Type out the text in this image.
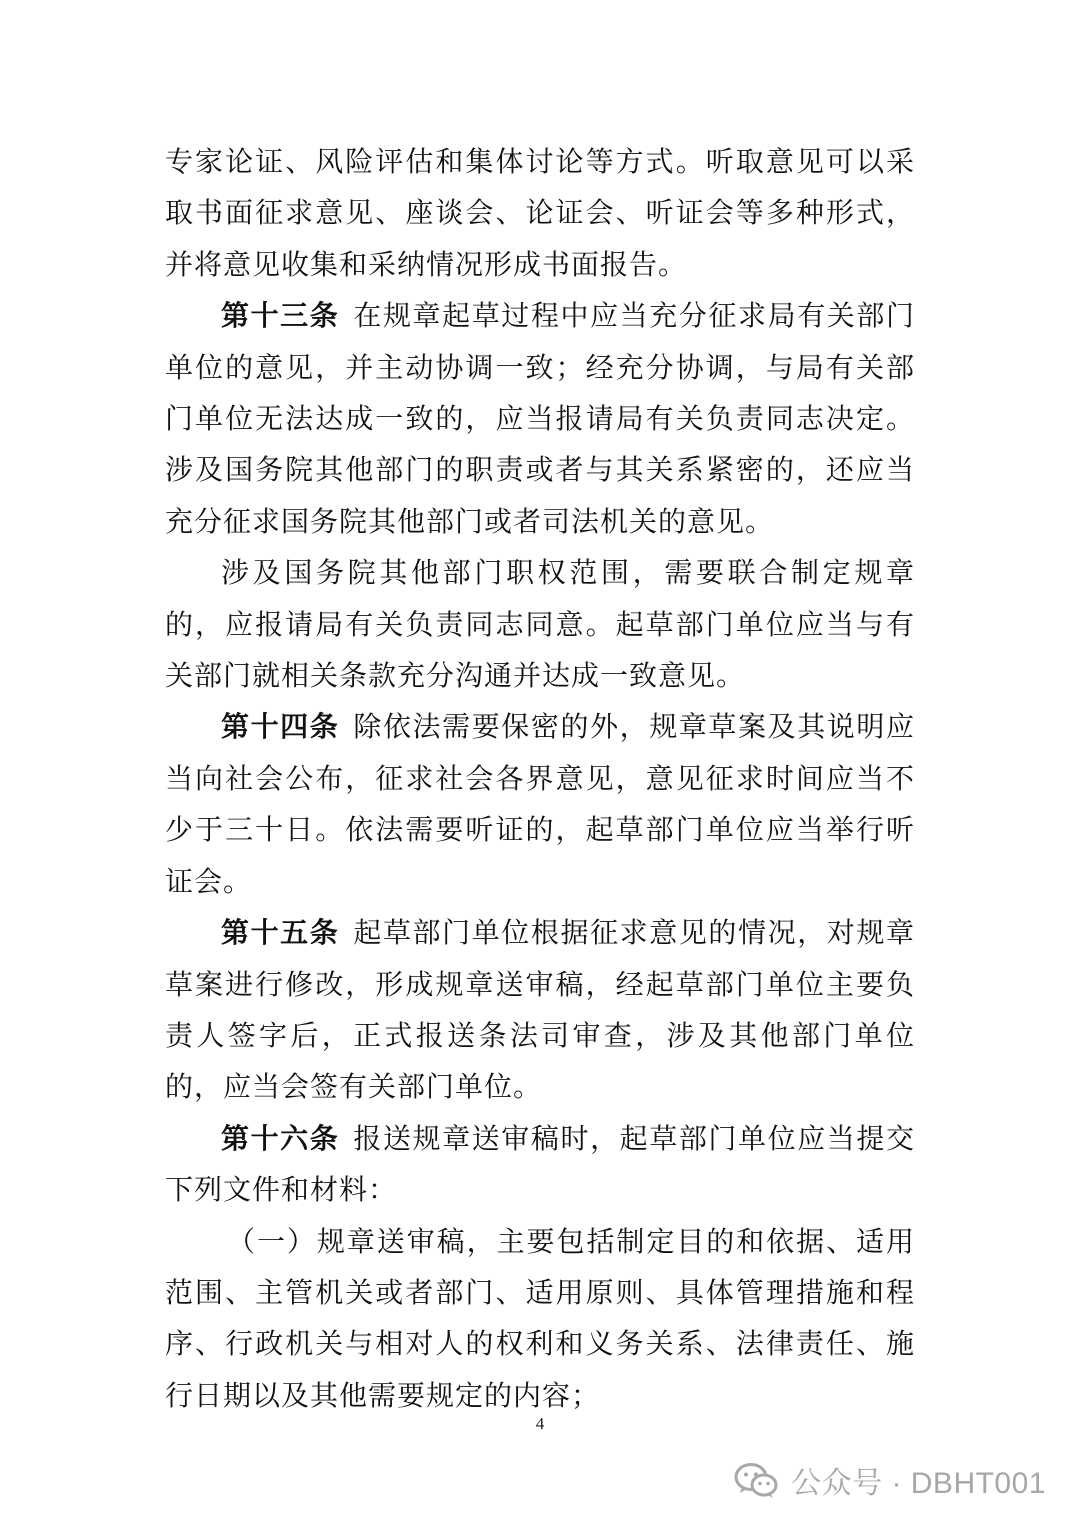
专家论证、风险评估和集体讨论等方式。听取意见可以采取书面征求意见、座谈会、论证会、听证会等多种形式，并将意见收集和采纳情况形成书面报告。

第十三条 在规章起草过程中应当充分征求局有关部门单位的意见，并主动协调一致；经充分协调，与局有关部门单位无法达成一致的，应当报请局有关负责同志决定。涉及国务院其他部门的职责或者与其关系紧密的，还应当充分征求国务院其他部门或者司法机关的意见。

涉及国务院其他部门职权范围，需要联合制定规章的，应报请局有关负责同志同意。起草部门单位应当与有关部门就相关条款充分沟通并达成一致意见。

第十四条 除依法需要保密的外，规章草案及其说明应当向社会公布，征求社会各界意见，意见征求时间应当不少于三十日。依法需要听证的，起草部门单位应当举行听证会。

第十五条 起草部门单位根据征求意见的情况，对规章草案进行修改，形成规章送审稿，经起草部门单位主要负责人签字后，正式报送条法司审查，涉及其他部门单位的，应当会签有关部门单位。

第十六条 报送规章送审稿时，起草部门单位应当提交下列文件和材料：

（一）规章送审稿，主要包括制定目的和依据、适用范围、主管机关或者部门、适用原则、具体管理措施和程序、行政机关与相对人的权利和义务关系、法律责任、施行日期以及其他需要规定的内容；

4
公众号 · DBHT001
